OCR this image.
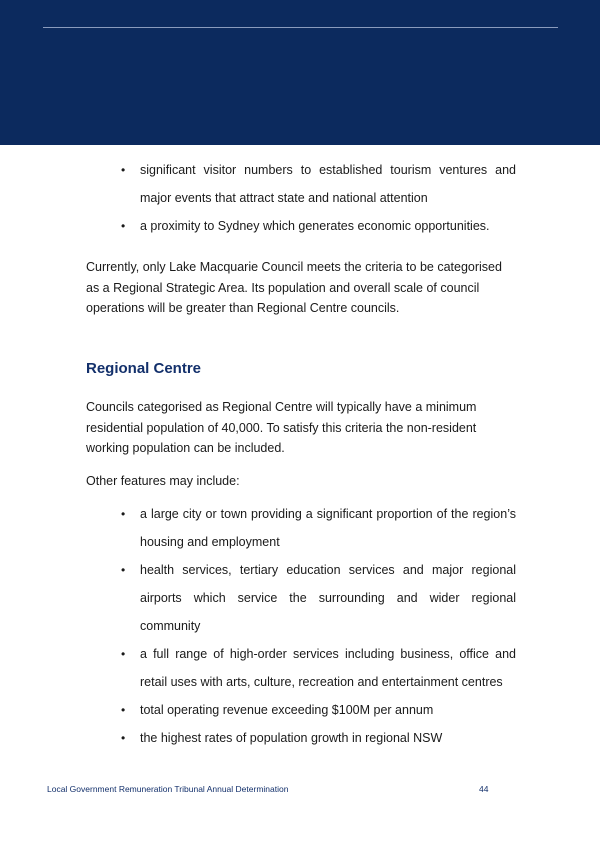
• significant visitor numbers to established tourism ventures and major events that attract state and national attention
• a proximity to Sydney which generates economic opportunities.

Currently, only Lake Macquarie Council meets the criteria to be categorised as a Regional Strategic Area. Its population and overall scale of council operations will be greater than Regional Centre councils.

Regional Centre

Councils categorised as Regional Centre will typically have a minimum residential population of 40,000. To satisfy this criteria the non-resident working population can be included.

Other features may include:

• a large city or town providing a significant proportion of the region’s housing and employment
• health services, tertiary education services and major regional airports which service the surrounding and wider regional community
• a full range of high-order services including business, office and retail uses with arts, culture, recreation and entertainment centres
• total operating revenue exceeding $100M per annum
• the highest rates of population growth in regional NSW
Local Government Remuneration Tribunal Annual Determination	44
